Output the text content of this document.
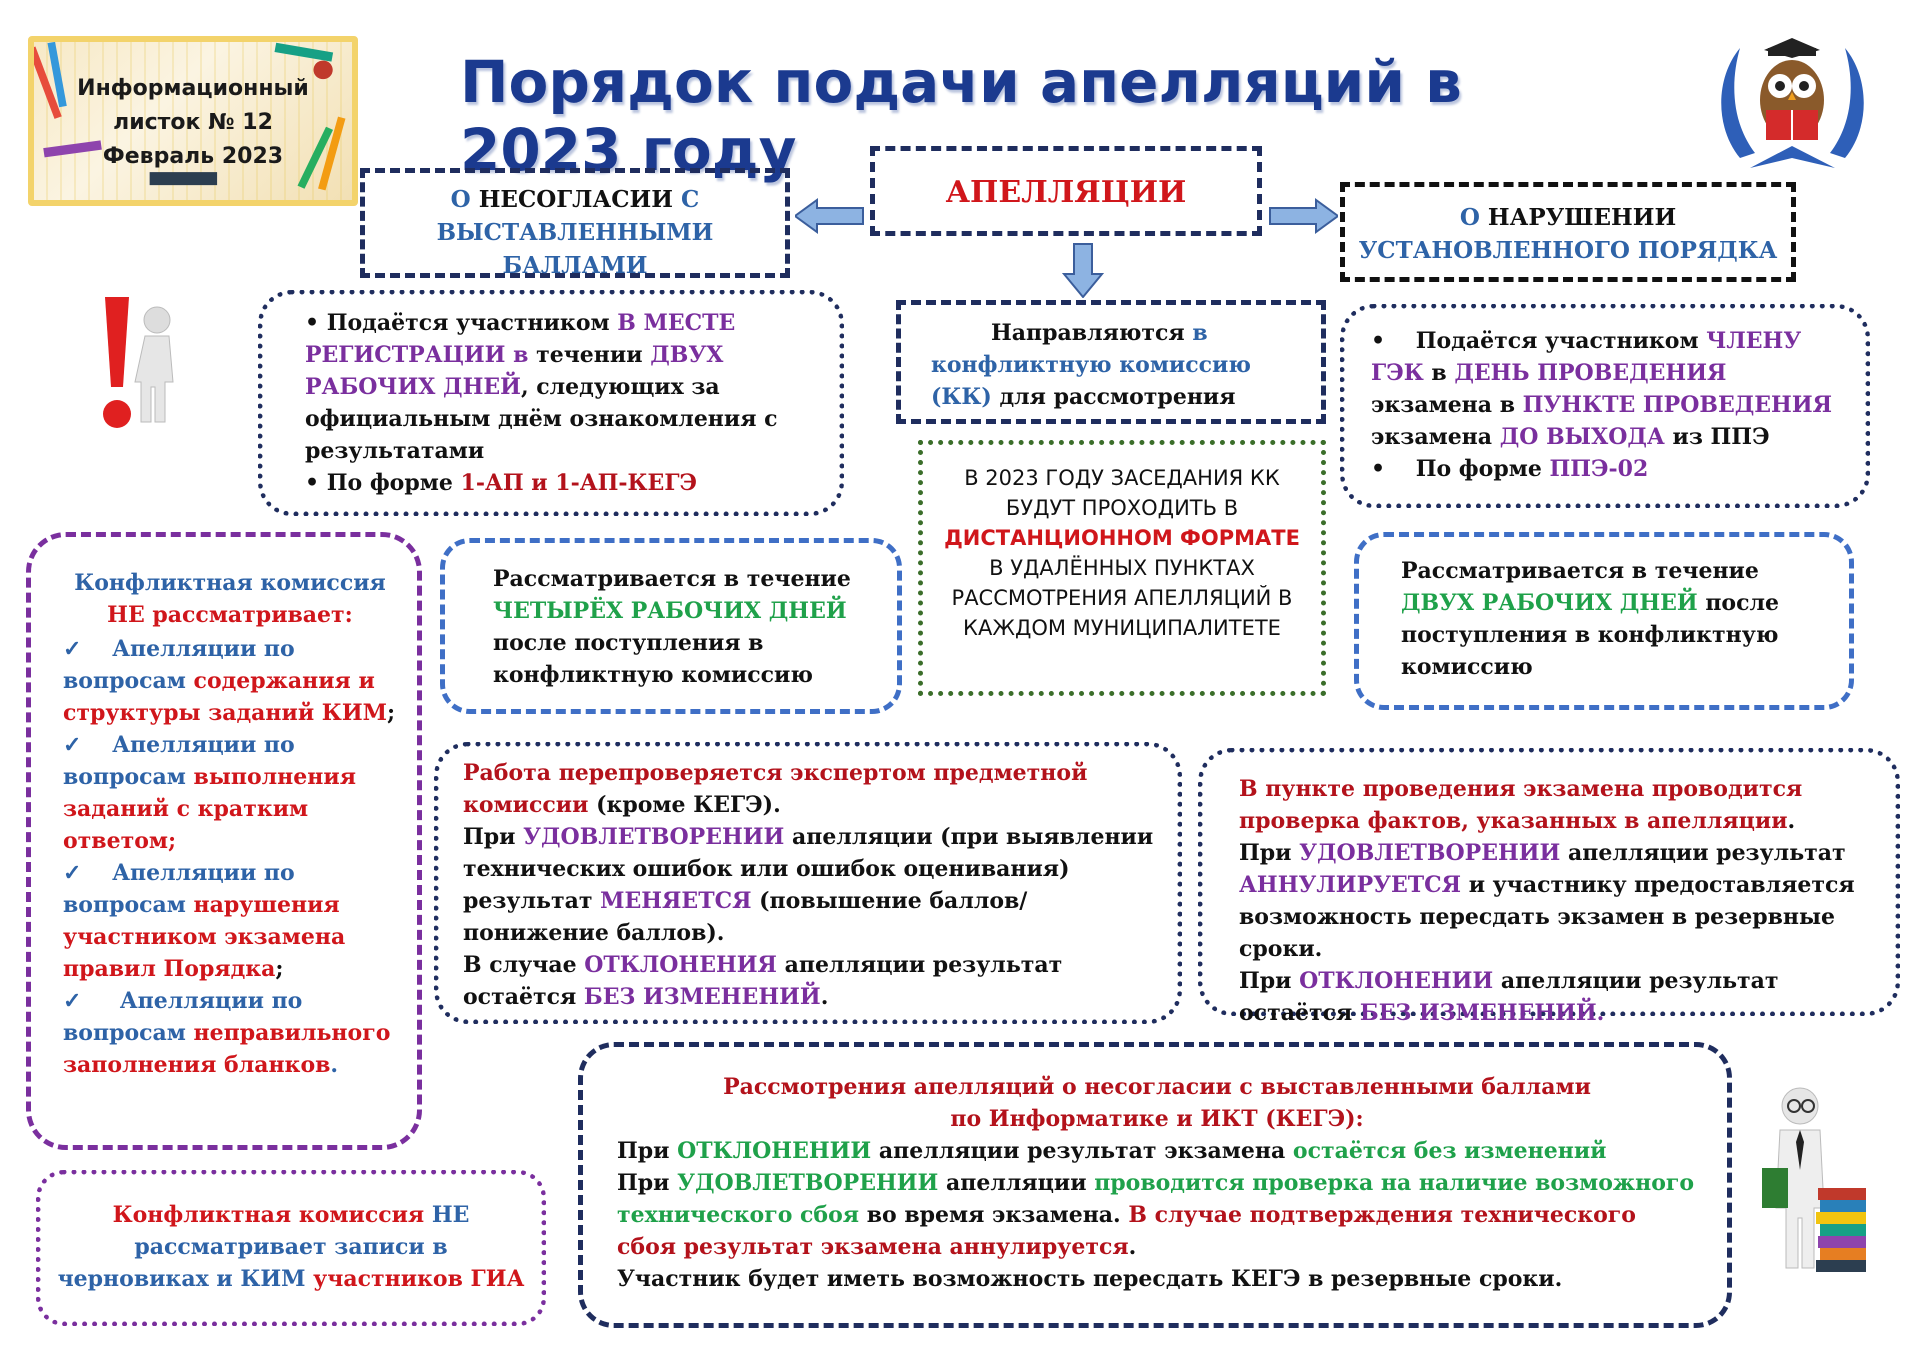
Информационный
листок № 12
Февраль 2023
Порядок подачи апелляций в 2023 году
АПЕЛЛЯЦИИ
О НЕСОГЛАСИИ С ВЫСТАВЛЕННЫМИ БАЛЛАМИ
О НАРУШЕНИИ
УСТАНОВЛЕННОГО ПОРЯДКА
• Подаётся участником В МЕСТЕ РЕГИСТРАЦИИ в течении ДВУХ РАБОЧИХ ДНЕЙ, следующих за официальным днём ознакомления с результатами
• По форме 1-АП и 1-АП-КЕГЭ
Направляются в конфликтную комиссию (КК) для рассмотрения
•    Подаётся участником ЧЛЕНУ ГЭК в ДЕНЬ ПРОВЕДЕНИЯ экзамена в ПУНКТЕ ПРОВЕДЕНИЯ экзамена ДО ВЫХОДА из ППЭ
•    По форме ППЭ-02
В 2023 ГОДУ ЗАСЕДАНИЯ КК БУДУТ ПРОХОДИТЬ В ДИСТАНЦИОННОМ ФОРМАТЕ В УДАЛЁННЫХ ПУНКТАХ РАССМОТРЕНИЯ АПЕЛЛЯЦИЙ В КАЖДОМ МУНИЦИПАЛИТЕТЕ
Рассматривается в течение ЧЕТЫРЁХ РАБОЧИХ ДНЕЙ после поступления в конфликтную комиссию
Рассматривается в течение ДВУХ РАБОЧИХ ДНЕЙ после поступления в конфликтную комиссию
Конфликтная комиссия
НЕ рассматривает:
✓ Апелляции по вопросам содержания и структуры заданий КИМ;
✓ Апелляции по вопросам выполнения заданий с кратким ответом;
✓ Апелляции по вопросам нарушения участником экзамена правил Порядка;
✓ Апелляции по вопросам неправильного заполнения бланков.
Работа перепроверяется экспертом предметной комиссии (кроме КЕГЭ).
При УДОВЛЕТВОРЕНИИ апелляции (при выявлении технических ошибок или ошибок оценивания) результат МЕНЯЕТСЯ (повышение баллов/понижение баллов).
В случае ОТКЛОНЕНИЯ апелляции результат остаётся БЕЗ ИЗМЕНЕНИЙ.
В пункте проведения экзамена проводится проверка фактов, указанных в апелляции.
При УДОВЛЕТВОРЕНИИ апелляции результат АННУЛИРУЕТСЯ и участнику предоставляется возможность пересдать экзамен в резервные сроки.
При ОТКЛОНЕНИИ апелляции результат остаётся БЕЗ ИЗМЕНЕНИЙ.
Конфликтная комиссия НЕ рассматривает записи в черновиках и КИМ участников ГИА
Рассмотрения апелляций о несогласии с выставленными баллами по Информатике и ИКТ (КЕГЭ):
При ОТКЛОНЕНИИ апелляции результат экзамена остаётся без изменений
При УДОВЛЕТВОРЕНИИ апелляции проводится проверка на наличие возможного технического сбоя во время экзамена. В случае подтверждения технического сбоя результат экзамена аннулируется.
Участник будет иметь возможность пересдать КЕГЭ в резервные сроки.
